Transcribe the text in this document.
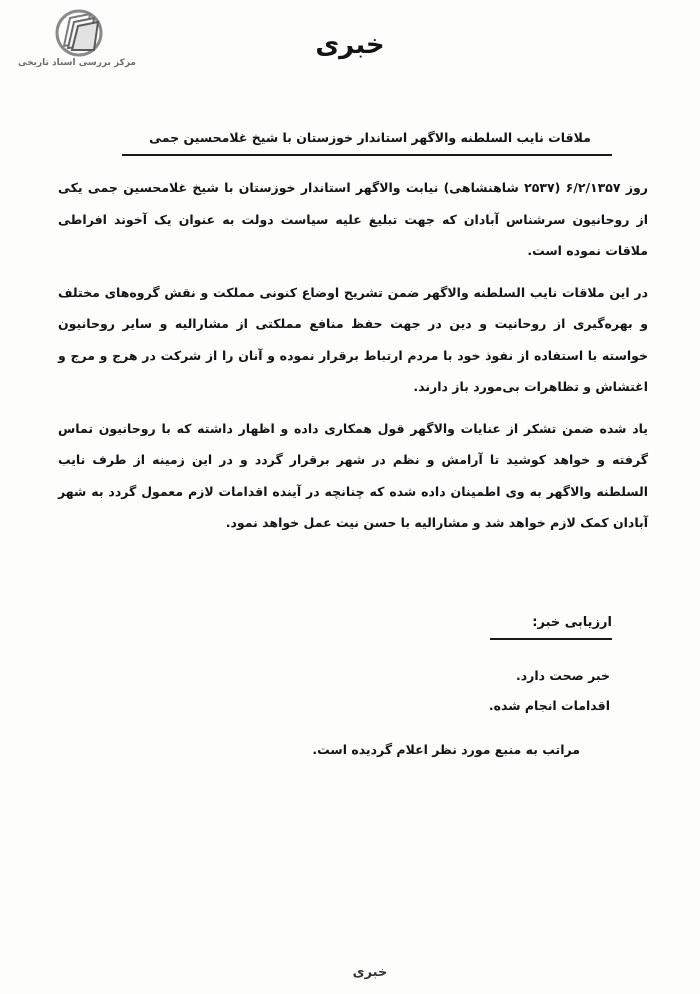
مرکز بررسی اسناد تاریخی
خبری
ملاقات نایب السلطنه والاگهر استاندار خوزستان با شیخ غلامحسین جمی

روز ۶/۲/۱۳۵۷ (۲۵۳۷ شاهنشاهی) نیابت والاگهر استاندار خوزستان با شیخ غلامحسین جمی یکی از روحانیون سرشناس آبادان که جهت تبلیغ علیه سیاست دولت به عنوان یک آخوند افراطی ملاقات نموده است.

در این ملاقات نایب السلطنه والاگهر ضمن تشریح اوضاع کنونی مملکت و نقش گروه‌های مختلف و بهره‌گیری از روحانیت و دین در جهت حفظ منافع مملکتی از مشارالیه و سایر روحانیون خواسته با استفاده از نفوذ خود با مردم ارتباط برقرار نموده و آنان را از شرکت در هرج و مرج و اغتشاش و تظاهرات بی‌مورد باز دارند.

یاد شده ضمن تشکر از عنایات والاگهر قول همکاری داده و اظهار داشته که با روحانیون تماس گرفته و خواهد کوشید تا آرامش و نظم در شهر برقرار گردد و در این زمینه از طرف نایب السلطنه والاگهر به وی اطمینان داده شده که چنانچه در آینده اقدامات لازم معمول گردد به شهر آبادان کمک لازم خواهد شد و مشارالیه با حسن نیت عمل خواهد نمود.

ارزیابی خبر:
خبر صحت دارد.
اقدامات انجام شده.
مراتب به منبع مورد نظر اعلام گردیده است.
خبری
